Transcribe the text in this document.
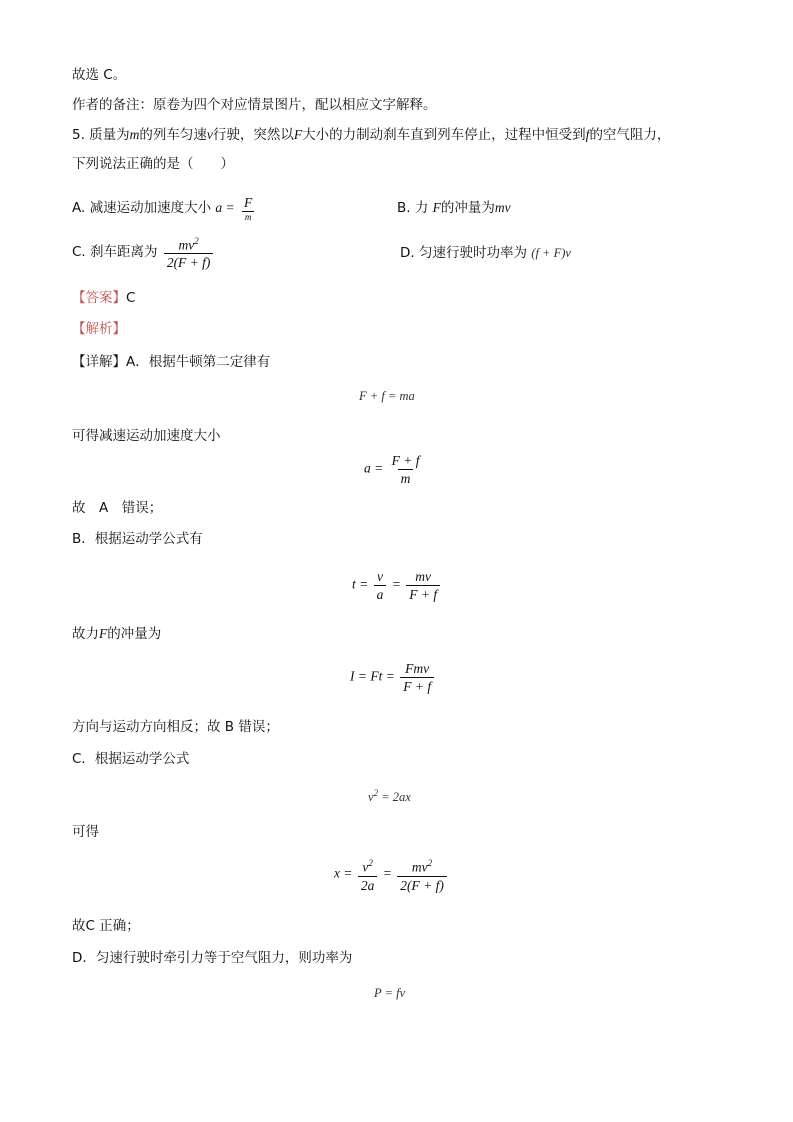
故选 C。
作者的备注：原卷为四个对应情景图片，配以相应文字解释。
5. 质量为m的列车匀速v行驶，突然以F大小的力制动刹车直到列车停止，过程中恒受到f的空气阻力，
下列说法正确的是（　　）
A. 减速运动加速度大小 $a = \frac{F}{m}$	B. 力 F的冲量为mv
C. 刹车距离为 $\frac{mv^2}{2(F + f)}$	D. 匀速行驶时功率为 (f + F)v
【答案】C
【解析】
【详解】A．根据牛顿第二定律有
F + f = ma
可得减速运动加速度大小
$a = \frac{F + f}{m}$
故　A　错误；
B．根据运动学公式有
$t = \frac{v}{a} = \frac{mv}{F + f}$
故力F的冲量为
$I = Ft = \frac{\text{Fmv}}{F + f}$
方向与运动方向相反；故 B 错误；
C．根据运动学公式
$v^2 = 2ax$
可得
$x = \frac{v^2}{2a} = \frac{mv^2}{2(F + f)}$
故C 正确；
D．匀速行驶时牵引力等于空气阻力，则功率为
P = fv
